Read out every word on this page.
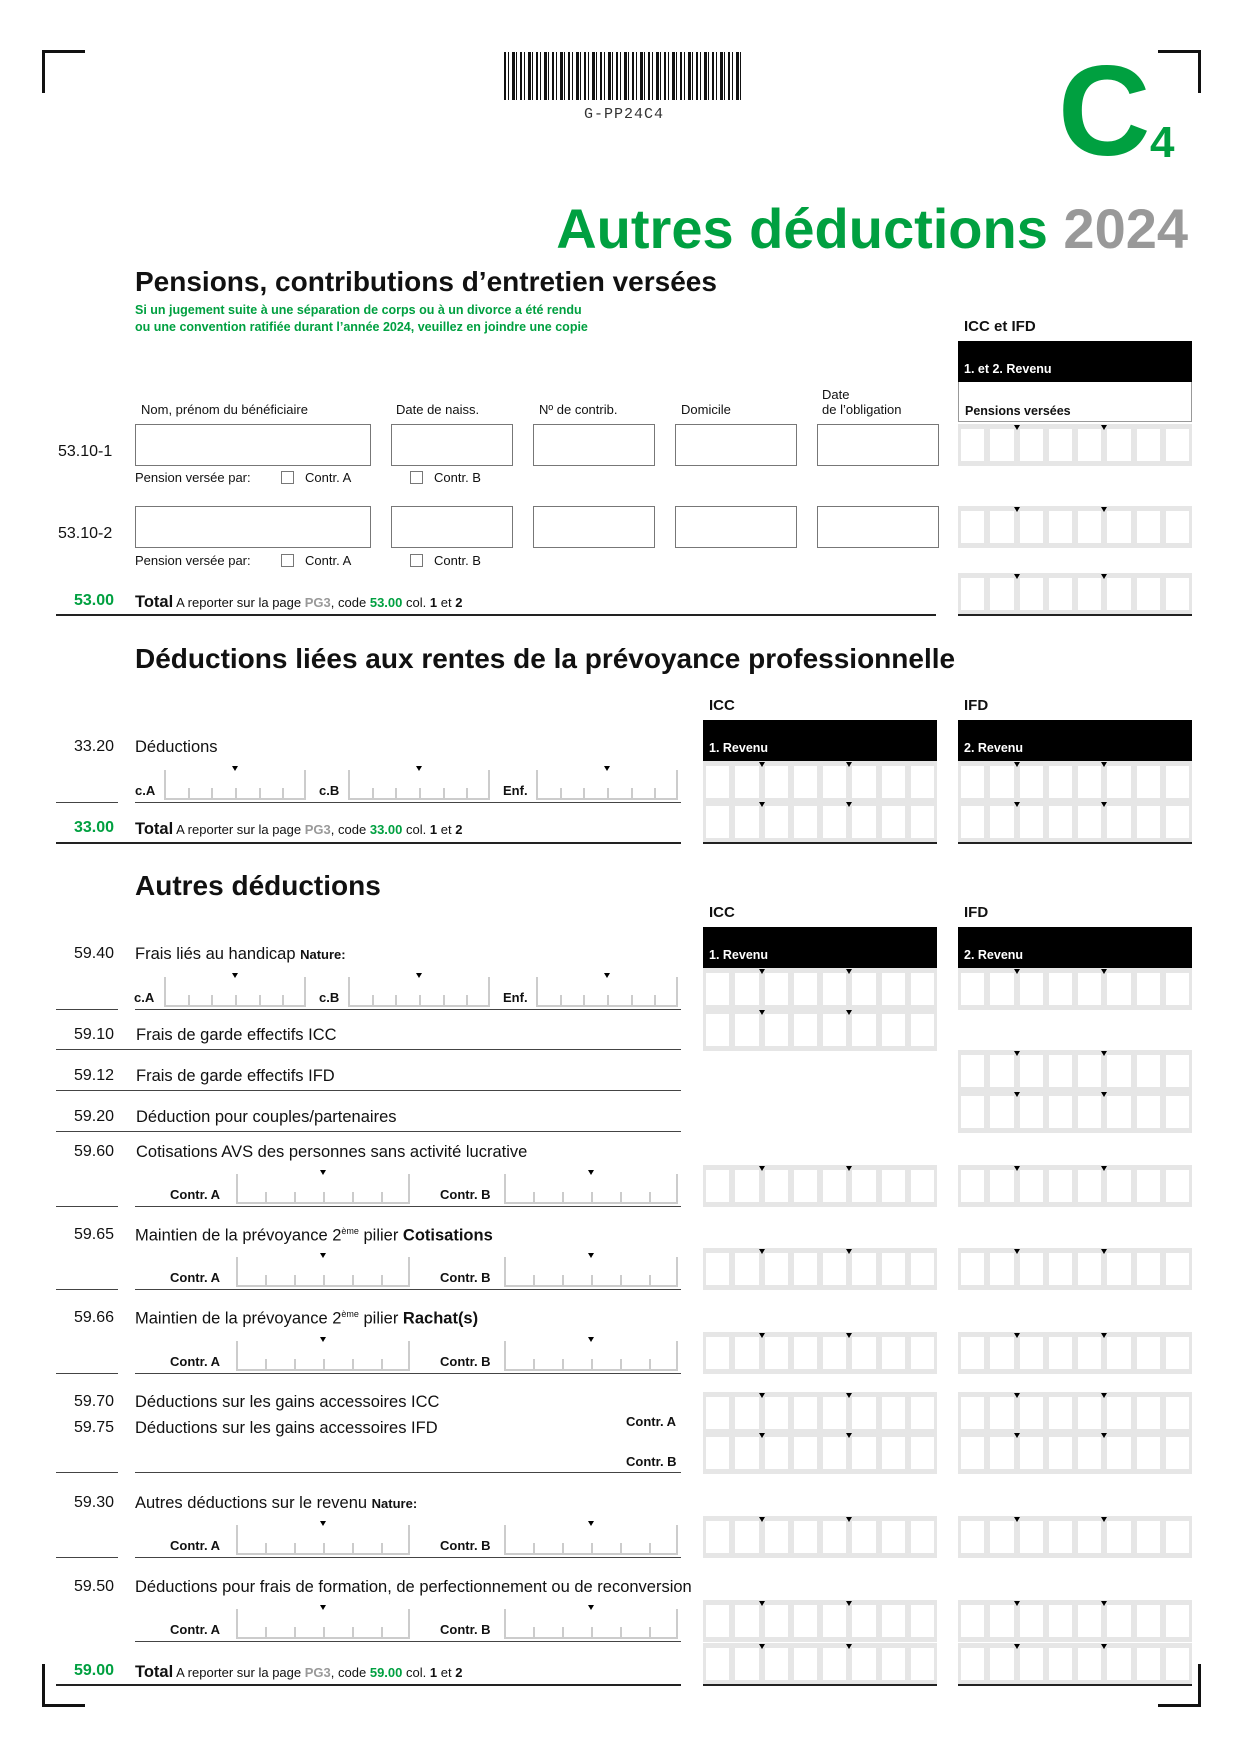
G-PP24C4	C 4
Autres déductions 2024
Pensions, contributions d’entretien versées
Si un jugement suite à une séparation de corps ou à un divorce a été rendu
ou une convention ratifiée durant l’année 2024, veuillez en joindre une copie	ICC et IFD
1. et 2. Revenu
Pensions versées
Nom, prénom du bénéficiaire	Date de naiss.	Nº de contrib.	Domicile
Date
de l’obligation
53.10-1
Pension versée par:	Contr. A	Contr. B
53.10-2
Pension versée par:	Contr. A	Contr. B
53.00 Total A reporter sur la page PG3, code 53.00 col. 1 et 2
Déductions liées aux rentes de la prévoyance professionnelle
ICC	IFD
1. Revenu	2. Revenu
33.20 Déductions
c.A	c.B	Enf.
33.00 Total A reporter sur la page PG3, code 33.00 col. 1 et 2
Autres déductions
ICC	IFD
1. Revenu	2. Revenu
59.40 Frais liés au handicap Nature:
c.A	c.B	Enf.
59.10 Frais de garde effectifs ICC
59.12 Frais de garde effectifs IFD
59.20 Déduction pour couples/partenaires
59.60 Cotisations AVS des personnes sans activité lucrative
Contr. A	Contr. B
59.65 Maintien de la prévoyance 2ème pilier Cotisations
Contr. A	Contr. B
59.66 Maintien de la prévoyance 2ème pilier Rachat(s)
Contr. A	Contr. B
59.70 Déductions sur les gains accessoires ICC
59.75 Déductions sur les gains accessoires IFD	Contr. A
Contr. B
59.30 Autres déductions sur le revenu Nature:
Contr. A	Contr. B
59.50 Déductions pour frais de formation, de perfectionnement ou de reconversion
Contr. A	Contr. B
59.00 Total A reporter sur la page PG3, code 59.00 col. 1 et 2
